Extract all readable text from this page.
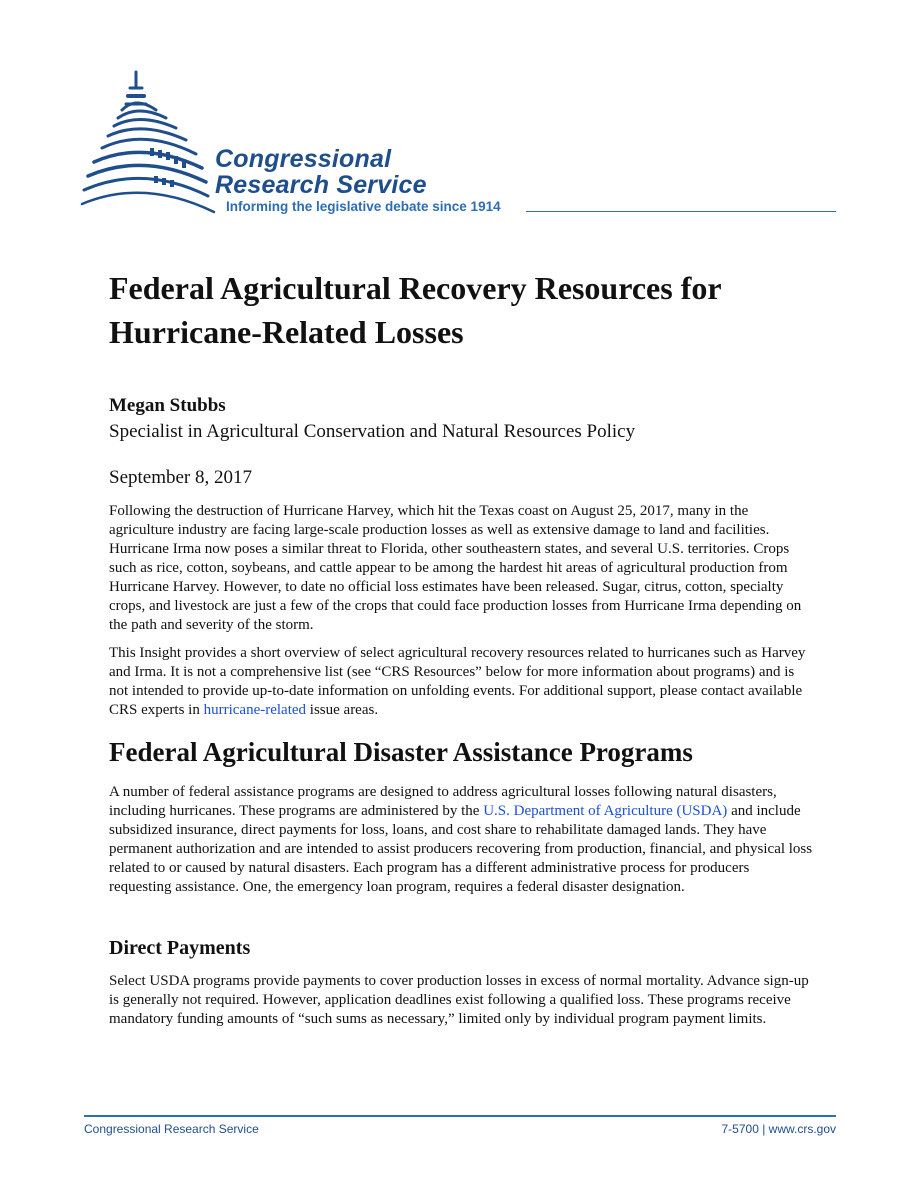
Congressional
Research Service
Informing the legislative debate since 1914
Federal Agricultural Recovery Resources for Hurricane-Related Losses

Megan Stubbs

Specialist in Agricultural Conservation and Natural Resources Policy

September 8, 2017

Following the destruction of Hurricane Harvey, which hit the Texas coast on August 25, 2017, many in the agriculture industry are facing large-scale production losses as well as extensive damage to land and facilities. Hurricane Irma now poses a similar threat to Florida, other southeastern states, and several U.S. territories. Crops such as rice, cotton, soybeans, and cattle appear to be among the hardest hit areas of agricultural production from Hurricane Harvey. However, to date no official loss estimates have been released. Sugar, citrus, cotton, specialty crops, and livestock are just a few of the crops that could face production losses from Hurricane Irma depending on the path and severity of the storm.

This Insight provides a short overview of select agricultural recovery resources related to hurricanes such as Harvey and Irma. It is not a comprehensive list (see “CRS Resources” below for more information about programs) and is not intended to provide up-to-date information on unfolding events. For additional support, please contact available CRS experts in hurricane-related issue areas.

Federal Agricultural Disaster Assistance Programs

A number of federal assistance programs are designed to address agricultural losses following natural disasters, including hurricanes. These programs are administered by the U.S. Department of Agriculture (USDA) and include subsidized insurance, direct payments for loss, loans, and cost share to rehabilitate damaged lands. They have permanent authorization and are intended to assist producers recovering from production, financial, and physical loss related to or caused by natural disasters. Each program has a different administrative process for producers requesting assistance. One, the emergency loan program, requires a federal disaster designation.

Direct Payments

Select USDA programs provide payments to cover production losses in excess of normal mortality. Advance sign-up is generally not required. However, application deadlines exist following a qualified loss. These programs receive mandatory funding amounts of “such sums as necessary,” limited only by individual program payment limits.

Congressional Research Service	7-5700 | www.crs.gov
